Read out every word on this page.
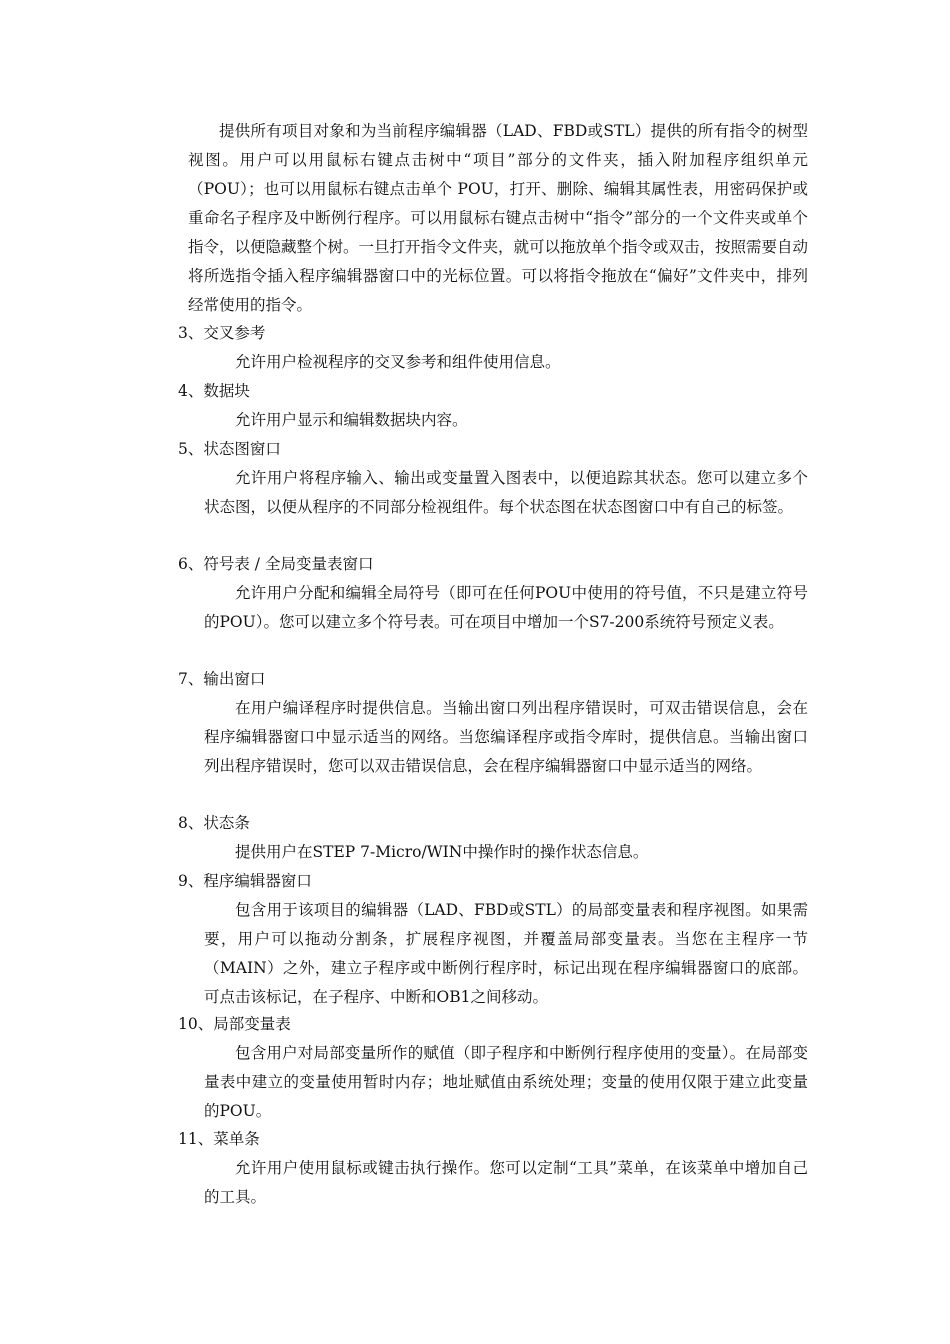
提供所有项目对象和为当前程序编辑器（LAD、FBD或STL）提供的所有指令的树型视图。用户可以用鼠标右键点击树中“项目”部分的文件夹，插入附加程序组织单元（POU）；也可以用鼠标右键点击单个 POU，打开、删除、编辑其属性表，用密码保护或重命名子程序及中断例行程序。可以用鼠标右键点击树中“指令”部分的一个文件夹或单个指令，以便隐藏整个树。一旦打开指令文件夹，就可以拖放单个指令或双击，按照需要自动将所选指令插入程序编辑器窗口中的光标位置。可以将指令拖放在“偏好”文件夹中，排列经常使用的指令。

3、交叉参考

允许用户检视程序的交叉参考和组件使用信息。

4、数据块

允许用户显示和编辑数据块内容。

5、状态图窗口

允许用户将程序输入、输出或变量置入图表中，以便追踪其状态。您可以建立多个状态图，以便从程序的不同部分检视组件。每个状态图在状态图窗口中有自己的标签。

6、符号表 / 全局变量表窗口

允许用户分配和编辑全局符号（即可在任何POU中使用的符号值，不只是建立符号的POU）。您可以建立多个符号表。可在项目中增加一个S7-200系统符号预定义表。

7、输出窗口

在用户编译程序时提供信息。当输出窗口列出程序错误时，可双击错误信息，会在程序编辑器窗口中显示适当的网络。当您编译程序或指令库时，提供信息。当输出窗口列出程序错误时，您可以双击错误信息，会在程序编辑器窗口中显示适当的网络。

8、状态条

提供用户在STEP 7-Micro/WIN中操作时的操作状态信息。

9、程序编辑器窗口

包含用于该项目的编辑器（LAD、FBD或STL）的局部变量表和程序视图。如果需要，用户可以拖动分割条，扩展程序视图，并覆盖局部变量表。当您在主程序一节（MAIN）之外，建立子程序或中断例行程序时，标记出现在程序编辑器窗口的底部。可点击该标记，在子程序、中断和OB1之间移动。

10、局部变量表

包含用户对局部变量所作的赋值（即子程序和中断例行程序使用的变量）。在局部变量表中建立的变量使用暂时内存；地址赋值由系统处理；变量的使用仅限于建立此变量的POU。

11、菜单条

允许用户使用鼠标或键击执行操作。您可以定制“工具”菜单，在该菜单中增加自己的工具。
